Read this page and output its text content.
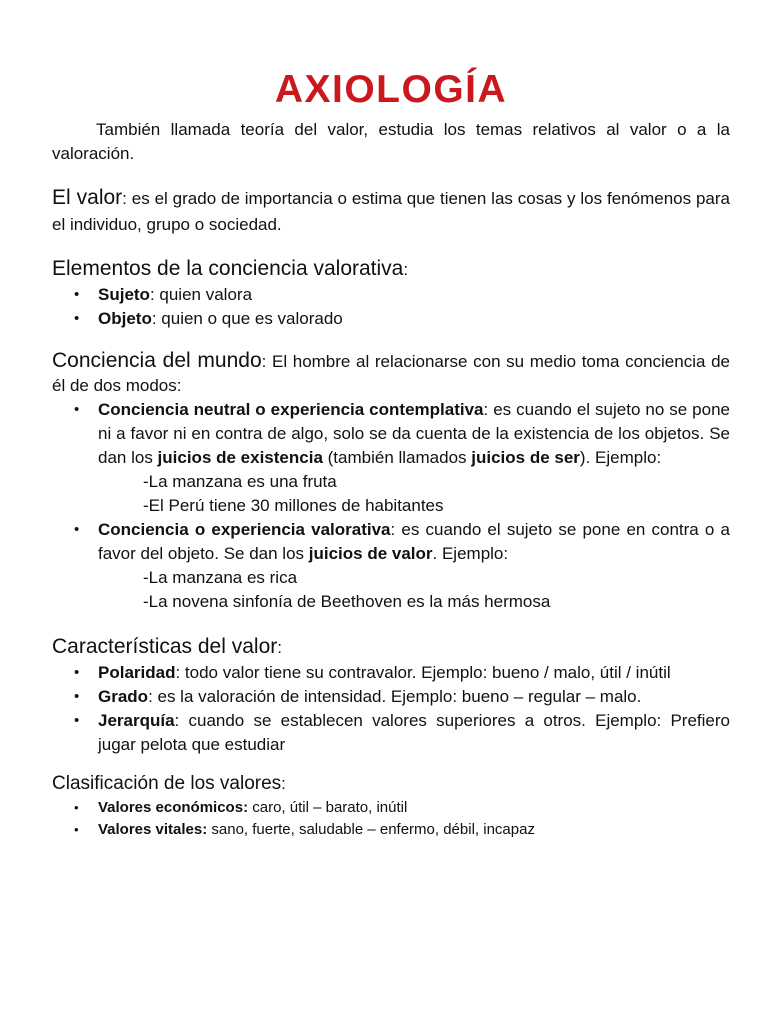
AXIOLOGÍA

También llamada teoría del valor, estudia los temas relativos al valor o a la valoración.

El valor: es el grado de importancia o estima que tienen las cosas y los fenómenos para el individuo, grupo o sociedad.

Elementos de la conciencia valorativa:

• Sujeto: quien valora
• Objeto: quien o que es valorado

Conciencia del mundo: El hombre al relacionarse con su medio toma conciencia de él de dos modos:

• Conciencia neutral o experiencia contemplativa: es cuando el sujeto no se pone ni a favor ni en contra de algo, solo se da cuenta de la existencia de los objetos. Se dan los juicios de existencia (también llamados juicios de ser). Ejemplo:
-La manzana es una fruta
-El Perú tiene 30 millones de habitantes
• Conciencia o experiencia valorativa: es cuando el sujeto se pone en contra o a favor del objeto. Se dan los juicios de valor. Ejemplo:
-La manzana es rica
-La novena sinfonía de Beethoven es la más hermosa

Características del valor:

• Polaridad: todo valor tiene su contravalor. Ejemplo: bueno / malo, útil / inútil
• Grado: es la valoración de intensidad. Ejemplo: bueno – regular – malo.
• Jerarquía: cuando se establecen valores superiores a otros. Ejemplo: Prefiero jugar pelota que estudiar

Clasificación de los valores:

• Valores económicos: caro, útil – barato, inútil
• Valores vitales: sano, fuerte, saludable – enfermo, débil, incapaz
